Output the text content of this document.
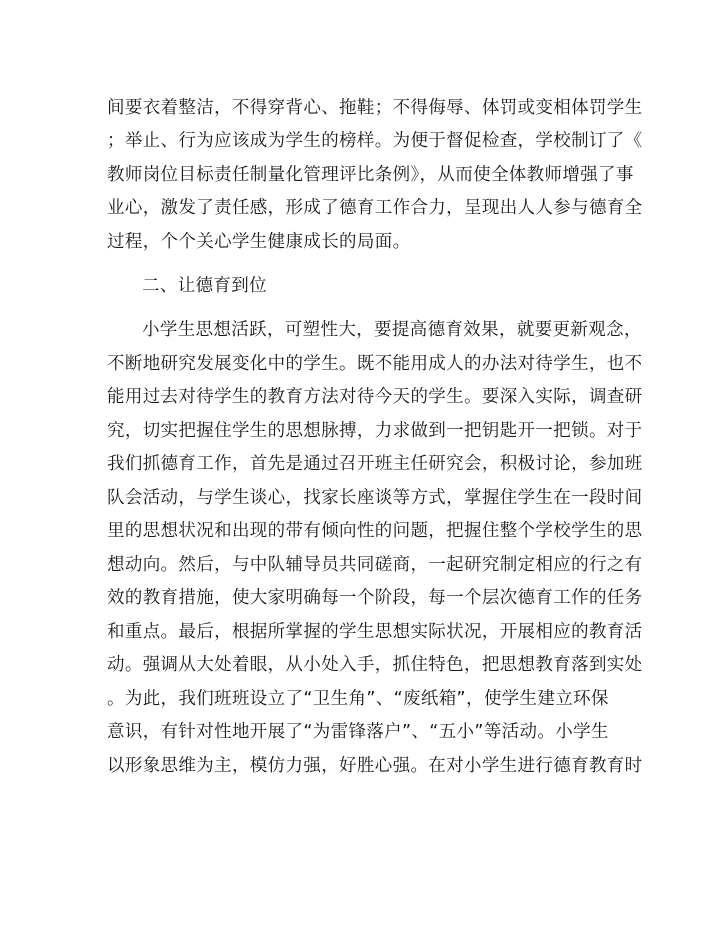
间要衣着整洁，不得穿背心、拖鞋；不得侮辱、体罚或变相体罚学生
；举止、行为应该成为学生的榜样。为便于督促检查，学校制订了《
教师岗位目标责任制量化管理评比条例》，从而使全体教师增强了事
业心，激发了责任感，形成了德育工作合力，呈现出人人参与德育全
过程，个个关心学生健康成长的局面。
二、让德育到位
小学生思想活跃，可塑性大，要提高德育效果，就要更新观念，
不断地研究发展变化中的学生。既不能用成人的办法对待学生，也不
能用过去对待学生的教育方法对待今天的学生。要深入实际，调查研
究，切实把握住学生的思想脉搏，力求做到一把钥匙开一把锁。对于
我们抓德育工作，首先是通过召开班主任研究会，积极讨论，参加班
队会活动，与学生谈心，找家长座谈等方式，掌握住学生在一段时间
里的思想状况和出现的带有倾向性的问题，把握住整个学校学生的思
想动向。然后，与中队辅导员共同磋商，一起研究制定相应的行之有
效的教育措施，使大家明确每一个阶段，每一个层次德育工作的任务
和重点。最后，根据所掌握的学生思想实际状况，开展相应的教育活
动。强调从大处着眼，从小处入手，抓住特色，把思想教育落到实处
。为此，我们班班设立了“卫生角”、“废纸箱”，使学生建立环保
意识，有针对性地开展了“为雷锋落户”、“五小”等活动。小学生
以形象思维为主，模仿力强，好胜心强。在对小学生进行德育教育时
